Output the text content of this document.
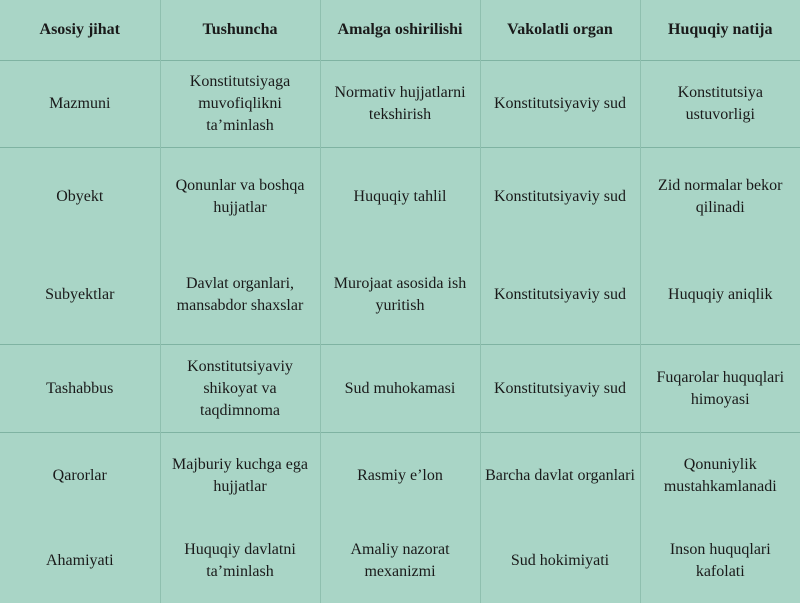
Asosiy jihat	Tushuncha	Amalga oshirilishi	Vakolatli organ	Huquqiy natija
Mazmuni	Konstitutsiyaga muvofiqlikni ta’minlash	Normativ hujjatlarni tekshirish	Konstitutsiyaviy sud	Konstitutsiya ustuvorligi
Obyekt	Qonunlar va boshqa hujjatlar	Huquqiy tahlil	Konstitutsiyaviy sud	Zid normalar bekor qilinadi
Subyektlar	Davlat organlari, mansabdor shaxslar	Murojaat asosida ish yuritish	Konstitutsiyaviy sud	Huquqiy aniqlik
Tashabbus	Konstitutsiyaviy shikoyat va taqdimnoma	Sud muhokamasi	Konstitutsiyaviy sud	Fuqarolar huquqlari himoyasi
Qarorlar	Majburiy kuchga ega hujjatlar	Rasmiy e’lon	Barcha davlat organlari	Qonuniylik mustahkamlanadi
Ahamiyati	Huquqiy davlatni ta’minlash	Amaliy nazorat mexanizmi	Sud hokimiyati	Inson huquqlari kafolati
